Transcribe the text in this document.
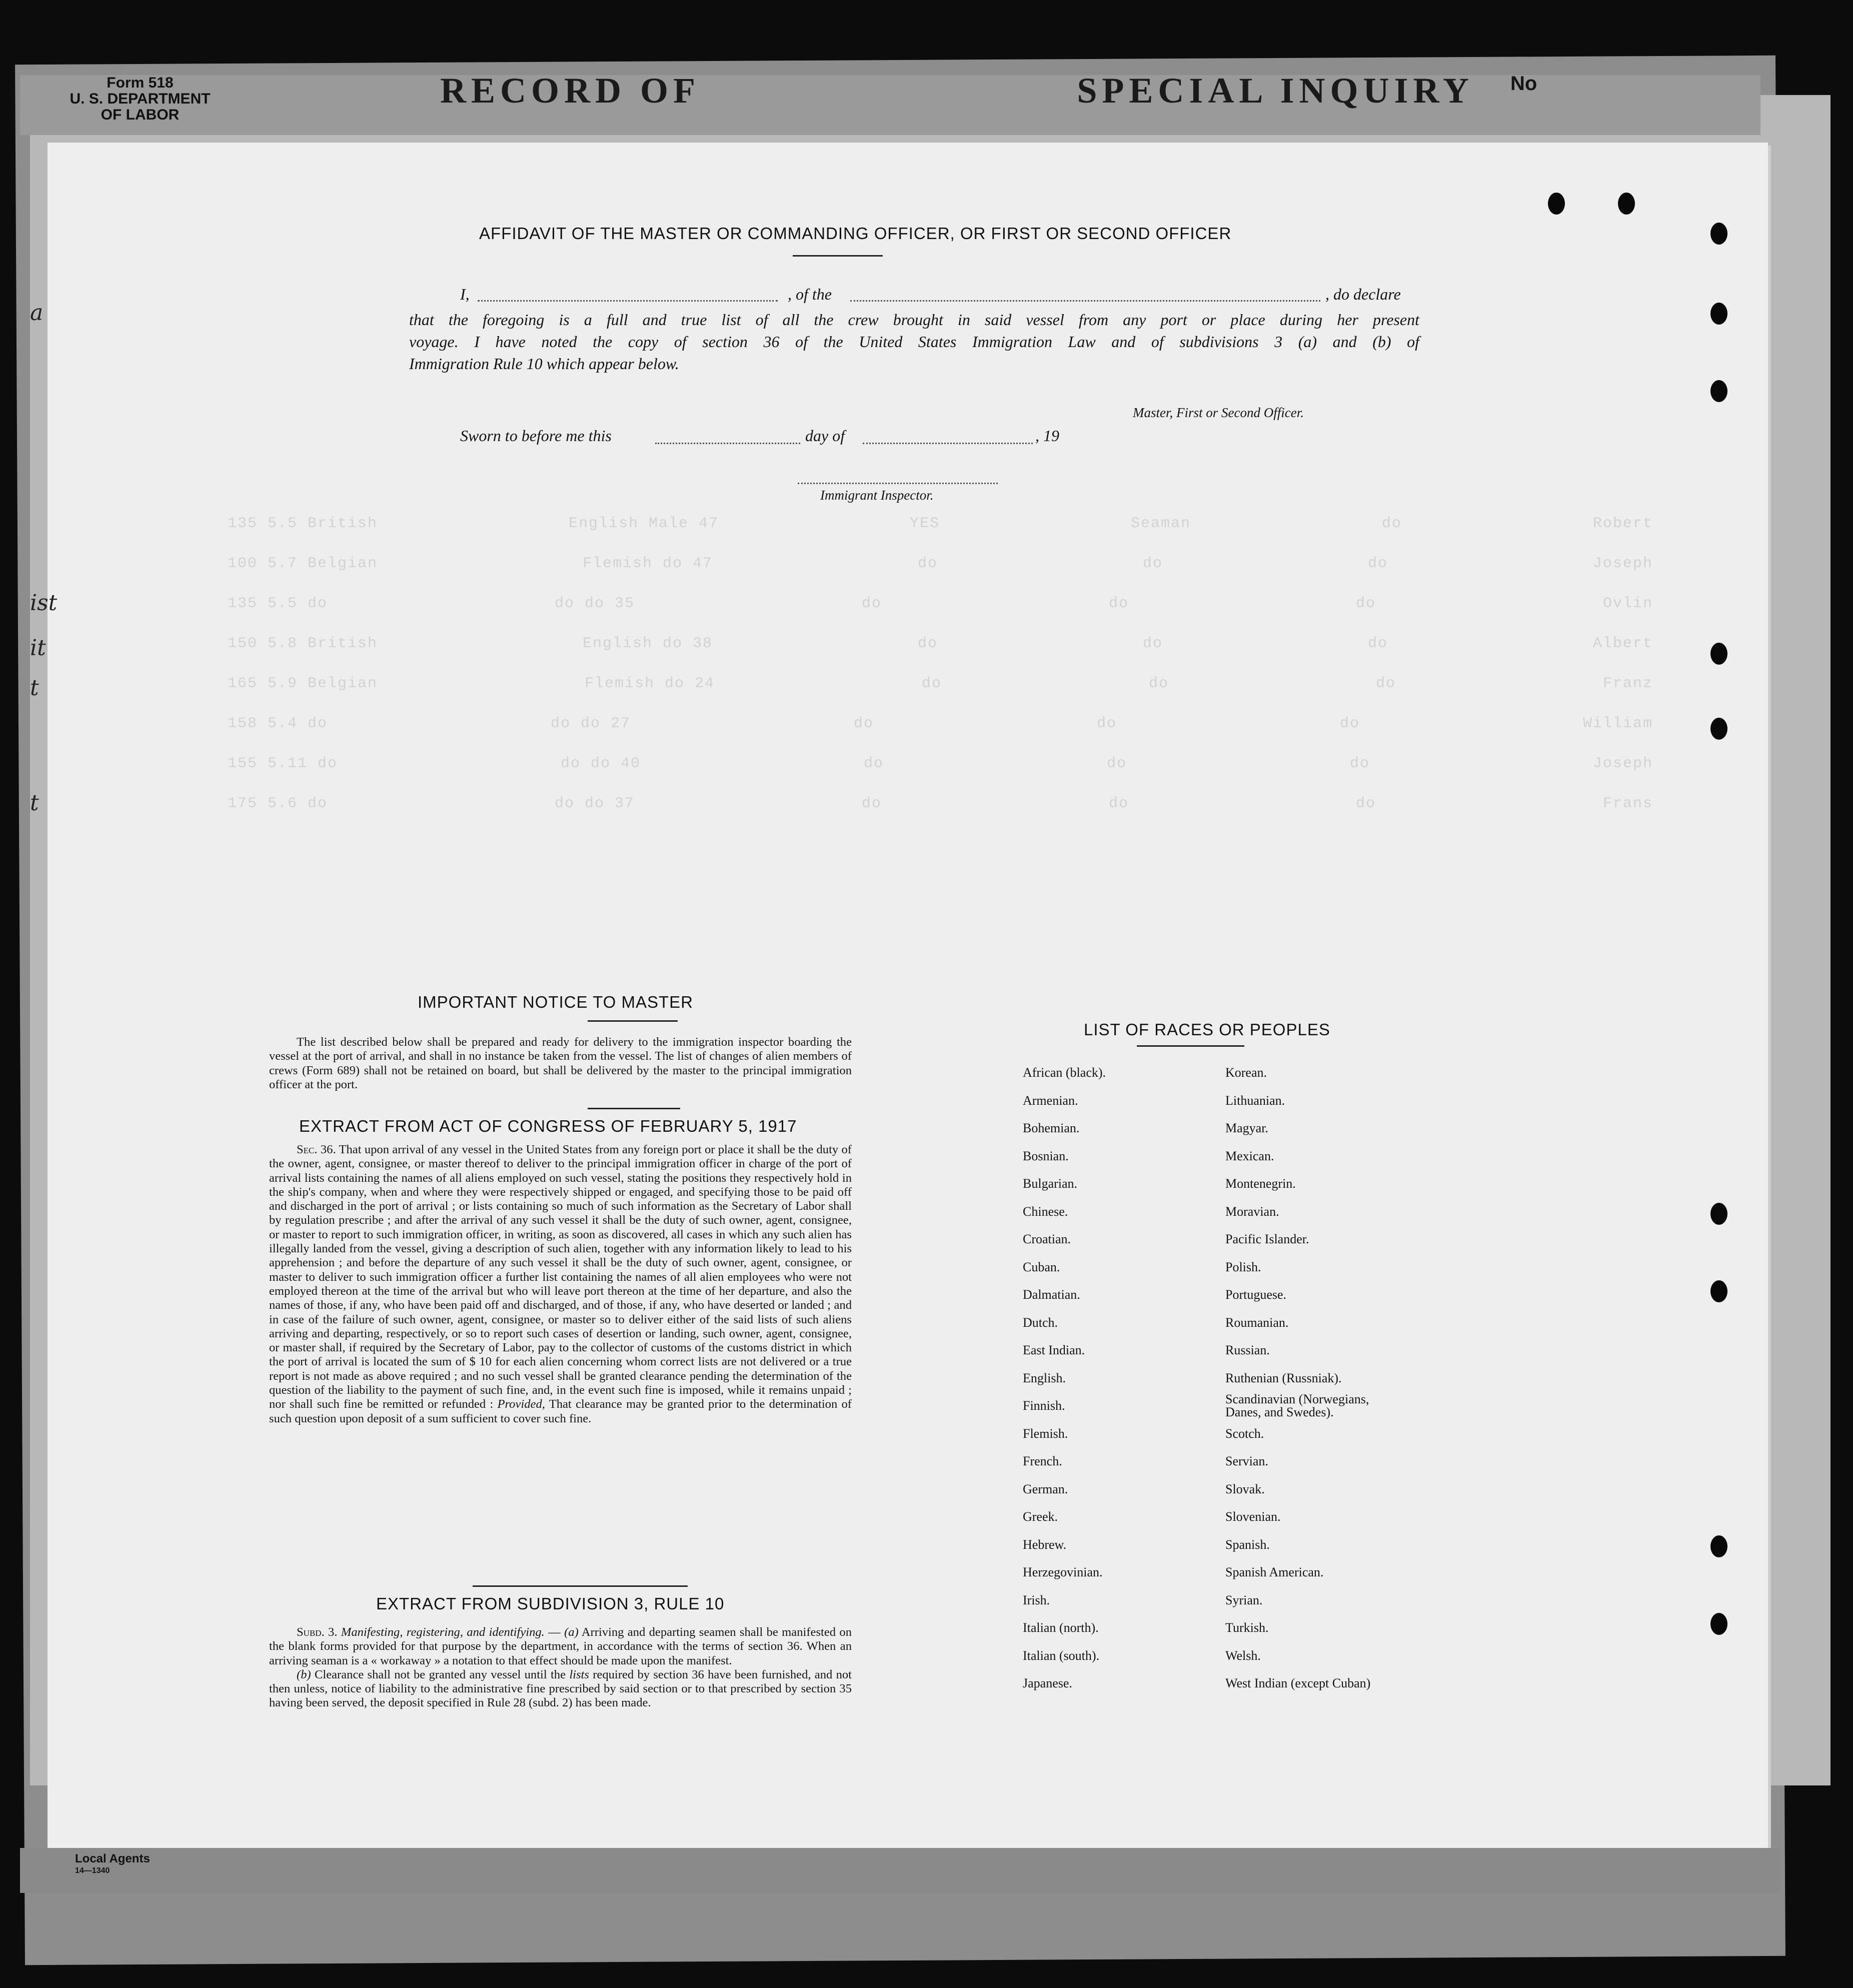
Form 518
U. S. DEPARTMENT OF LABOR
RECORD OF	SPECIAL INQUIRY No
135 5.5 British	English Male 47	YES	Seaman	do	Robert
100 5.7 Belgian	Flemish do 47	do	do	do	Joseph
135 5.5 do	do do 35	do	do	do	Ovlin
150 5.8 British	English do 38	do	do	do	Albert
165 5.9 Belgian	Flemish do 24	do	do	do	Franz
158 5.4 do	do do 27	do	do	do	William
155 5.11 do	do do 40	do	do	do	Joseph
175 5.6 do	do do 37	do	do	do	Frans
AFFIDAVIT OF THE MASTER OR COMMANDING OFFICER, OR FIRST OR SECOND OFFICER
I,	, of the	, do declare
that the foregoing is a full and true list of all the crew brought in said vessel from any port or place during her present
voyage. I have noted the copy of section 36 of the United States Immigration Law and of subdivisions 3 (a) and (b) of
Immigration Rule 10 which appear below.
Master, First or Second Officer.
Sworn to before me this	day of	, 19
Immigrant Inspector.
IMPORTANT NOTICE TO MASTER

The list described below shall be prepared and ready for delivery to the immigration inspector boarding the vessel at the port of arrival, and shall in no instance be taken from the vessel. The list of changes of alien members of crews (Form 689) shall not be retained on board, but shall be delivered by the master to the principal immigration officer at the port.

EXTRACT FROM ACT OF CONGRESS OF FEBRUARY 5, 1917

Sec. 36. That upon arrival of any vessel in the United States from any foreign port or place it shall be the duty of the owner, agent, consignee, or master thereof to deliver to the principal immigration officer in charge of the port of arrival lists containing the names of all aliens employed on such vessel, stating the positions they respectively hold in the ship's company, when and where they were respectively shipped or engaged, and specifying those to be paid off and discharged in the port of arrival ; or lists containing so much of such information as the Secretary of Labor shall by regulation prescribe ; and after the arrival of any such vessel it shall be the duty of such owner, agent, consignee, or master to report to such immigration officer, in writing, as soon as discovered, all cases in which any such alien has illegally landed from the vessel, giving a description of such alien, together with any information likely to lead to his apprehension ; and before the departure of any such vessel it shall be the duty of such owner, agent, consignee, or master to deliver to such immigration officer a further list containing the names of all alien employees who were not employed thereon at the time of the arrival but who will leave port thereon at the time of her departure, and also the names of those, if any, who have been paid off and discharged, and of those, if any, who have deserted or landed ; and in case of the failure of such owner, agent, consignee, or master so to deliver either of the said lists of such aliens arriving and departing, respectively, or so to report such cases of desertion or landing, such owner, agent, consignee, or master shall, if required by the Secretary of Labor, pay to the collector of customs of the customs district in which the port of arrival is located the sum of $ 10 for each alien concerning whom correct lists are not delivered or a true report is not made as above required ; and no such vessel shall be granted clearance pending the determination of the question of the liability to the payment of such fine, and, in the event such fine is imposed, while it remains unpaid ; nor shall such fine be remitted or refunded : Provided, That clearance may be granted prior to the determination of such question upon deposit of a sum sufficient to cover such fine.

EXTRACT FROM SUBDIVISION 3, RULE 10

Subd. 3. Manifesting, registering, and identifying. — (a) Arriving and departing seamen shall be manifested on the blank forms provided for that purpose by the department, in accordance with the terms of section 36. When an arriving seaman is a « workaway » a notation to that effect should be made upon the manifest.

(b) Clearance shall not be granted any vessel until the lists required by section 36 have been furnished, and not then unless, notice of liability to the administrative fine prescribed by said section or to that prescribed by section 35 having been served, the deposit specified in Rule 28 (subd. 2) has been made.

LIST OF RACES OR PEOPLES
African (black).
Armenian.
Bohemian.
Bosnian.
Bulgarian.
Chinese.
Croatian.
Cuban.
Dalmatian.
Dutch.
East Indian.
English.
Finnish.
Flemish.
French.
German.
Greek.
Hebrew.
Herzegovinian.
Irish.
Italian (north).
Italian (south).
Japanese.
Korean.
Lithuanian.
Magyar.
Mexican.
Montenegrin.
Moravian.
Pacific Islander.
Polish.
Portuguese.
Roumanian.
Russian.
Ruthenian (Russniak).
Scandinavian (Norwegians, Danes, and Swedes).
Scotch.
Servian.
Slovak.
Slovenian.
Spanish.
Spanish American.
Syrian.
Turkish.
Welsh.
West Indian (except Cuban)
a
ist
it
t
t
Local Agents
14—1340
